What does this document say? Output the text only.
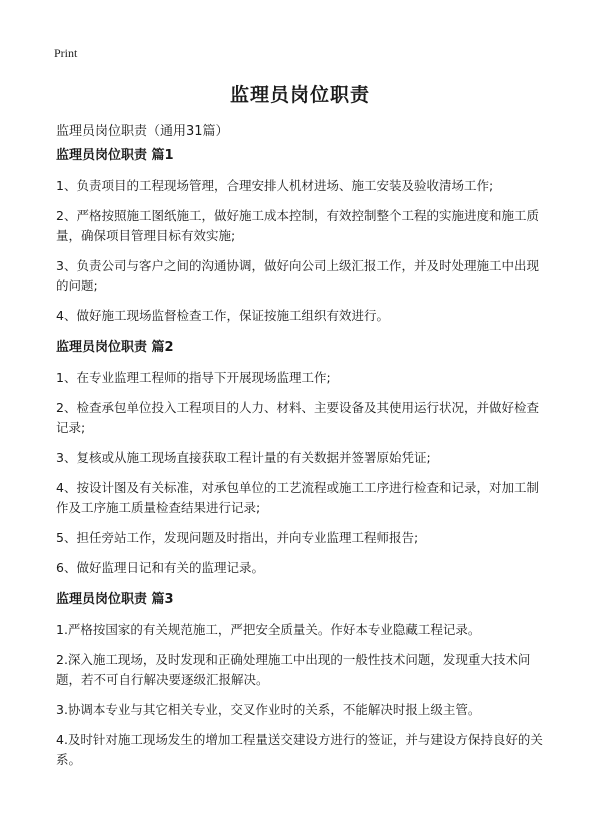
Print
监理员岗位职责
监理员岗位职责（通用31篇）

监理员岗位职责 篇1

1、负责项目的工程现场管理，合理安排人机材进场、施工安装及验收清场工作;

2、严格按照施工图纸施工，做好施工成本控制，有效控制整个工程的实施进度和施工质量，确保项目管理目标有效实施;

3、负责公司与客户之间的沟通协调，做好向公司上级汇报工作，并及时处理施工中出现的问题;

4、做好施工现场监督检查工作，保证按施工组织有效进行。

监理员岗位职责 篇2

1、在专业监理工程师的指导下开展现场监理工作;

2、检查承包单位投入工程项目的人力、材料、主要设备及其使用运行状况，并做好检查记录;

3、复核或从施工现场直接获取工程计量的有关数据并签署原始凭证;

4、按设计图及有关标准，对承包单位的工艺流程或施工工序进行检查和记录，对加工制作及工序施工质量检查结果进行记录;

5、担任旁站工作，发现问题及时指出，并向专业监理工程师报告;

6、做好监理日记和有关的监理记录。

监理员岗位职责 篇3

1.严格按国家的有关规范施工，严把安全质量关。作好本专业隐藏工程记录。

2.深入施工现场，及时发现和正确处理施工中出现的一般性技术问题，发现重大技术问题，若不可自行解决要逐级汇报解决。

3.协调本专业与其它相关专业，交叉作业时的关系，不能解决时报上级主管。

4.及时针对施工现场发生的增加工程量送交建设方进行的签证，并与建设方保持良好的关系。
